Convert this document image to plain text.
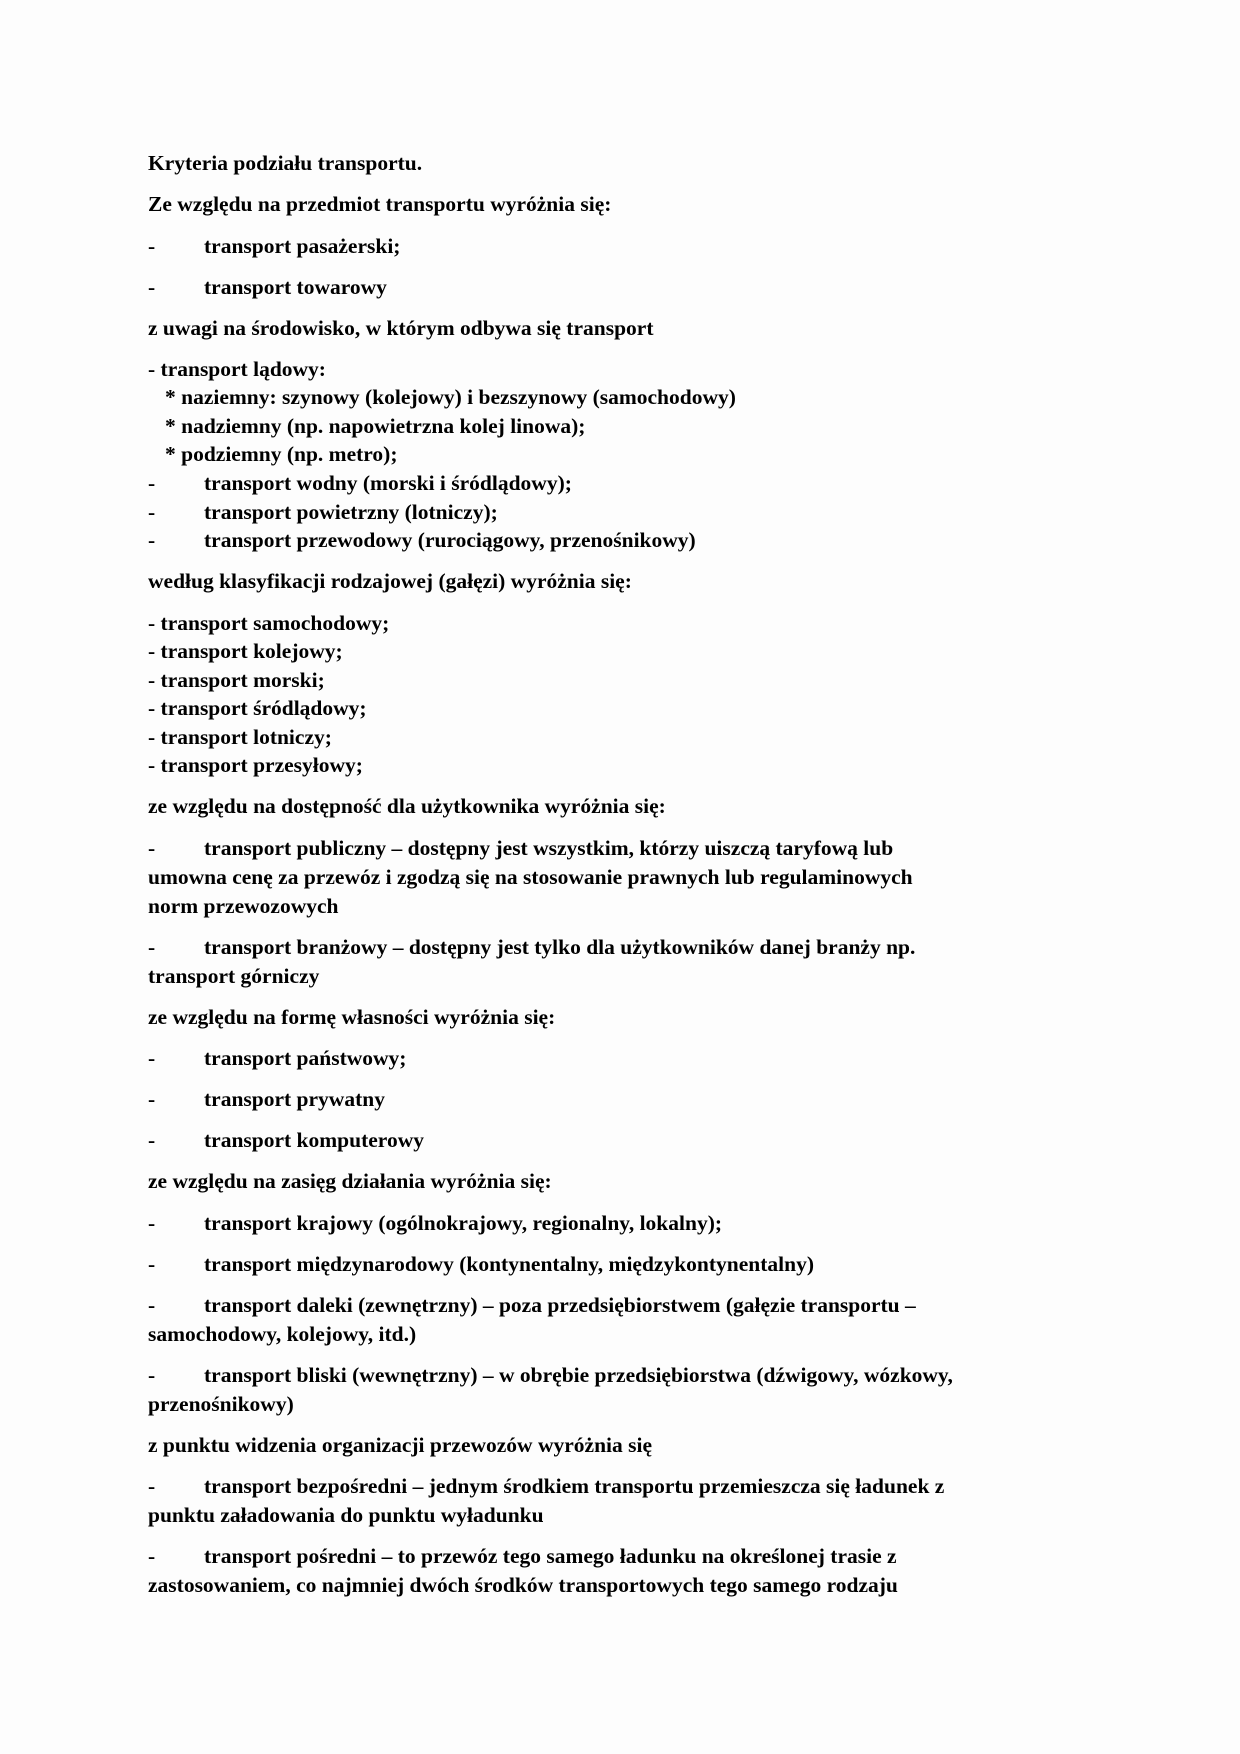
Kryteria podziału transportu.
Ze względu na przedmiot transportu wyróżnia się:
- transport pasażerski;
- transport towarowy
z uwagi na środowisko, w którym odbywa się transport
- transport lądowy:
* naziemny: szynowy (kolejowy) i bezszynowy (samochodowy)
* nadziemny (np. napowietrzna kolej linowa);
* podziemny (np. metro);
- transport wodny (morski i śródlądowy);
- transport powietrzny (lotniczy);
- transport przewodowy (rurociągowy, przenośnikowy)
według klasyfikacji rodzajowej (gałęzi) wyróżnia się:
- transport samochodowy;
- transport kolejowy;
- transport morski;
- transport śródlądowy;
- transport lotniczy;
- transport przesyłowy;
ze względu na dostępność dla użytkownika wyróżnia się:
- transport publiczny – dostępny jest wszystkim, którzy uiszczą taryfową lub
umowna cenę za przewóz i zgodzą się na stosowanie prawnych lub regulaminowych
norm przewozowych
- transport branżowy – dostępny jest tylko dla użytkowników danej branży np.
transport górniczy
ze względu na formę własności wyróżnia się:
- transport państwowy;
- transport prywatny
- transport komputerowy
ze względu na zasięg działania wyróżnia się:
- transport krajowy (ogólnokrajowy, regionalny, lokalny);
- transport międzynarodowy (kontynentalny, międzykontynentalny)
- transport daleki (zewnętrzny) – poza przedsiębiorstwem (gałęzie transportu –
samochodowy, kolejowy, itd.)
- transport bliski (wewnętrzny) – w obrębie przedsiębiorstwa (dźwigowy, wózkowy,
przenośnikowy)
z punktu widzenia organizacji przewozów wyróżnia się
- transport bezpośredni – jednym środkiem transportu przemieszcza się ładunek z
punktu załadowania do punktu wyładunku
- transport pośredni – to przewóz tego samego ładunku na określonej trasie z
zastosowaniem, co najmniej dwóch środków transportowych tego samego rodzaju
